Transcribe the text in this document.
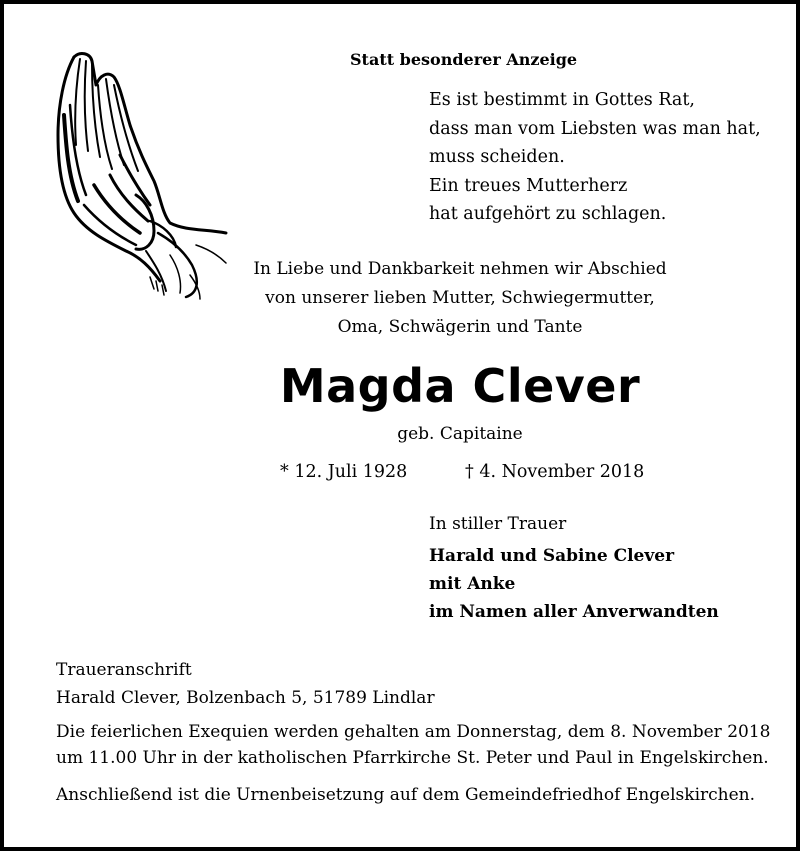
Statt besonderer Anzeige
Es ist bestimmt in Gottes Rat,
dass man vom Liebsten was man hat,
muss scheiden.
Ein treues Mutterherz
hat aufgehört zu schlagen.
In Liebe und Dankbarkeit nehmen wir Abschied
von unserer lieben Mutter, Schwiegermutter,
Oma, Schwägerin und Tante
Magda Clever
geb. Capitaine
* 12. Juli 1928	† 4. November 2018
In stiller Trauer
Harald und Sabine Clever
mit Anke
im Namen aller Anverwandten
Traueranschrift
Harald Clever, Bolzenbach 5, 51789 Lindlar
Die feierlichen Exequien werden gehalten am Donnerstag, dem 8. November 2018
um 11.00 Uhr in der katholischen Pfarrkirche St. Peter und Paul in Engelskirchen.
Anschließend ist die Urnenbeisetzung auf dem Gemeindefriedhof Engelskirchen.
